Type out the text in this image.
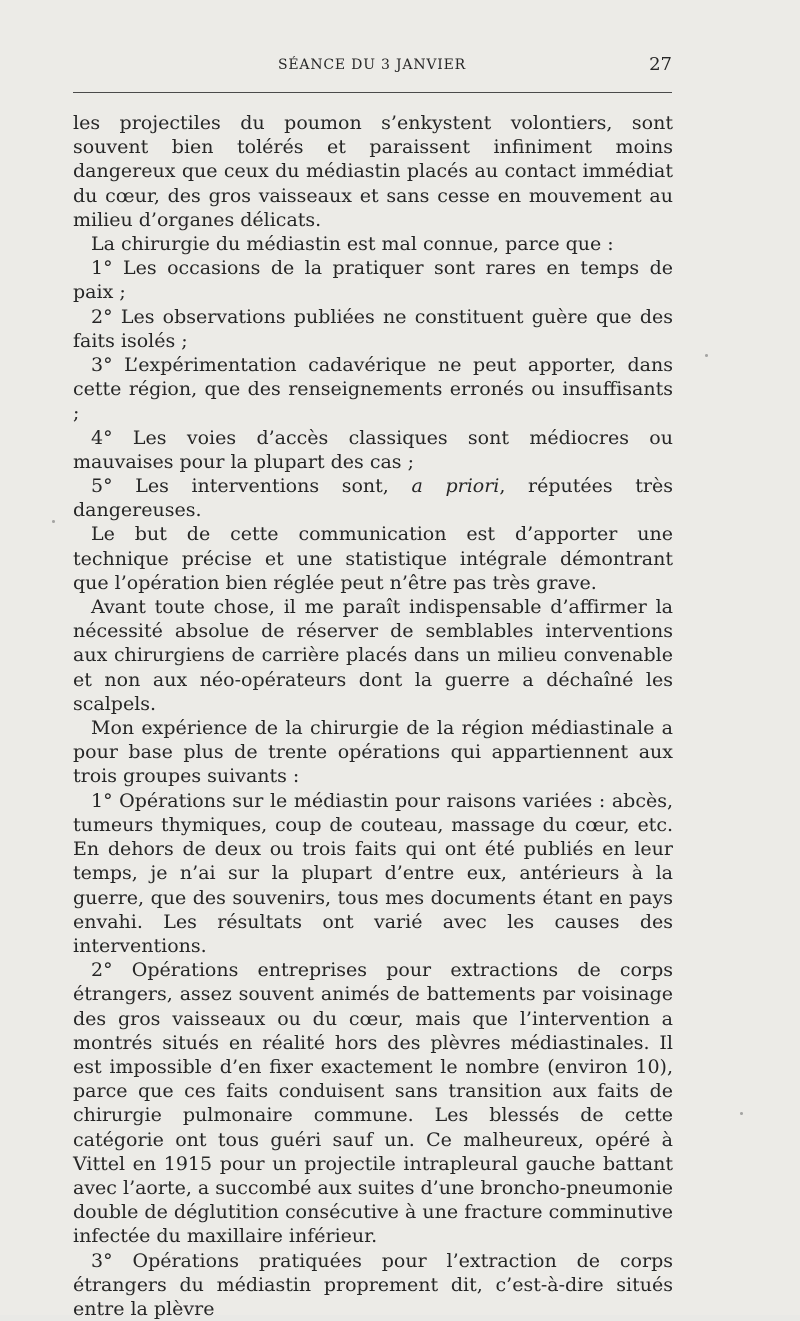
SÉANCE DU 3 JANVIER	27

les projectiles du poumon s’enkystent volontiers, sont souvent bien tolérés et paraissent infiniment moins dangereux que ceux du médiastin placés au contact immédiat du cœur, des gros vaisseaux et sans cesse en mouvement au milieu d’organes délicats.

La chirurgie du médiastin est mal connue, parce que :

1° Les occasions de la pratiquer sont rares en temps de paix ;

2° Les observations publiées ne constituent guère que des faits isolés ;

3° L’expérimentation cadavérique ne peut apporter, dans cette région, que des renseignements erronés ou insuffisants ;

4° Les voies d’accès classiques sont médiocres ou mauvaises pour la plupart des cas ;

5° Les interventions sont, a priori, réputées très dangereuses.

Le but de cette communication est d’apporter une technique précise et une statistique intégrale démontrant que l’opération bien réglée peut n’être pas très grave.

Avant toute chose, il me paraît indispensable d’affirmer la nécessité absolue de réserver de semblables interventions aux chirurgiens de carrière placés dans un milieu convenable et non aux néo-opérateurs dont la guerre a déchaîné les scalpels.

Mon expérience de la chirurgie de la région médiastinale a pour base plus de trente opérations qui appartiennent aux trois groupes suivants :

1° Opérations sur le médiastin pour raisons variées : abcès, tumeurs thymiques, coup de couteau, massage du cœur, etc. En dehors de deux ou trois faits qui ont été publiés en leur temps, je n’ai sur la plupart d’entre eux, antérieurs à la guerre, que des souvenirs, tous mes documents étant en pays envahi. Les résultats ont varié avec les causes des interventions.

2° Opérations entreprises pour extractions de corps étrangers, assez souvent animés de battements par voisinage des gros vaisseaux ou du cœur, mais que l’intervention a montrés situés en réalité hors des plèvres médiastinales. Il est impossible d’en fixer exactement le nombre (environ 10), parce que ces faits conduisent sans transition aux faits de chirurgie pulmonaire commune. Les blessés de cette catégorie ont tous guéri sauf un. Ce malheureux, opéré à Vittel en 1915 pour un projectile intrapleural gauche battant avec l’aorte, a succombé aux suites d’une broncho-pneumonie double de déglutition consécutive à une fracture comminutive infectée du maxillaire inférieur.

3° Opérations pratiquées pour l’extraction de corps étrangers du médiastin proprement dit, c’est-à-dire situés entre la plèvre
